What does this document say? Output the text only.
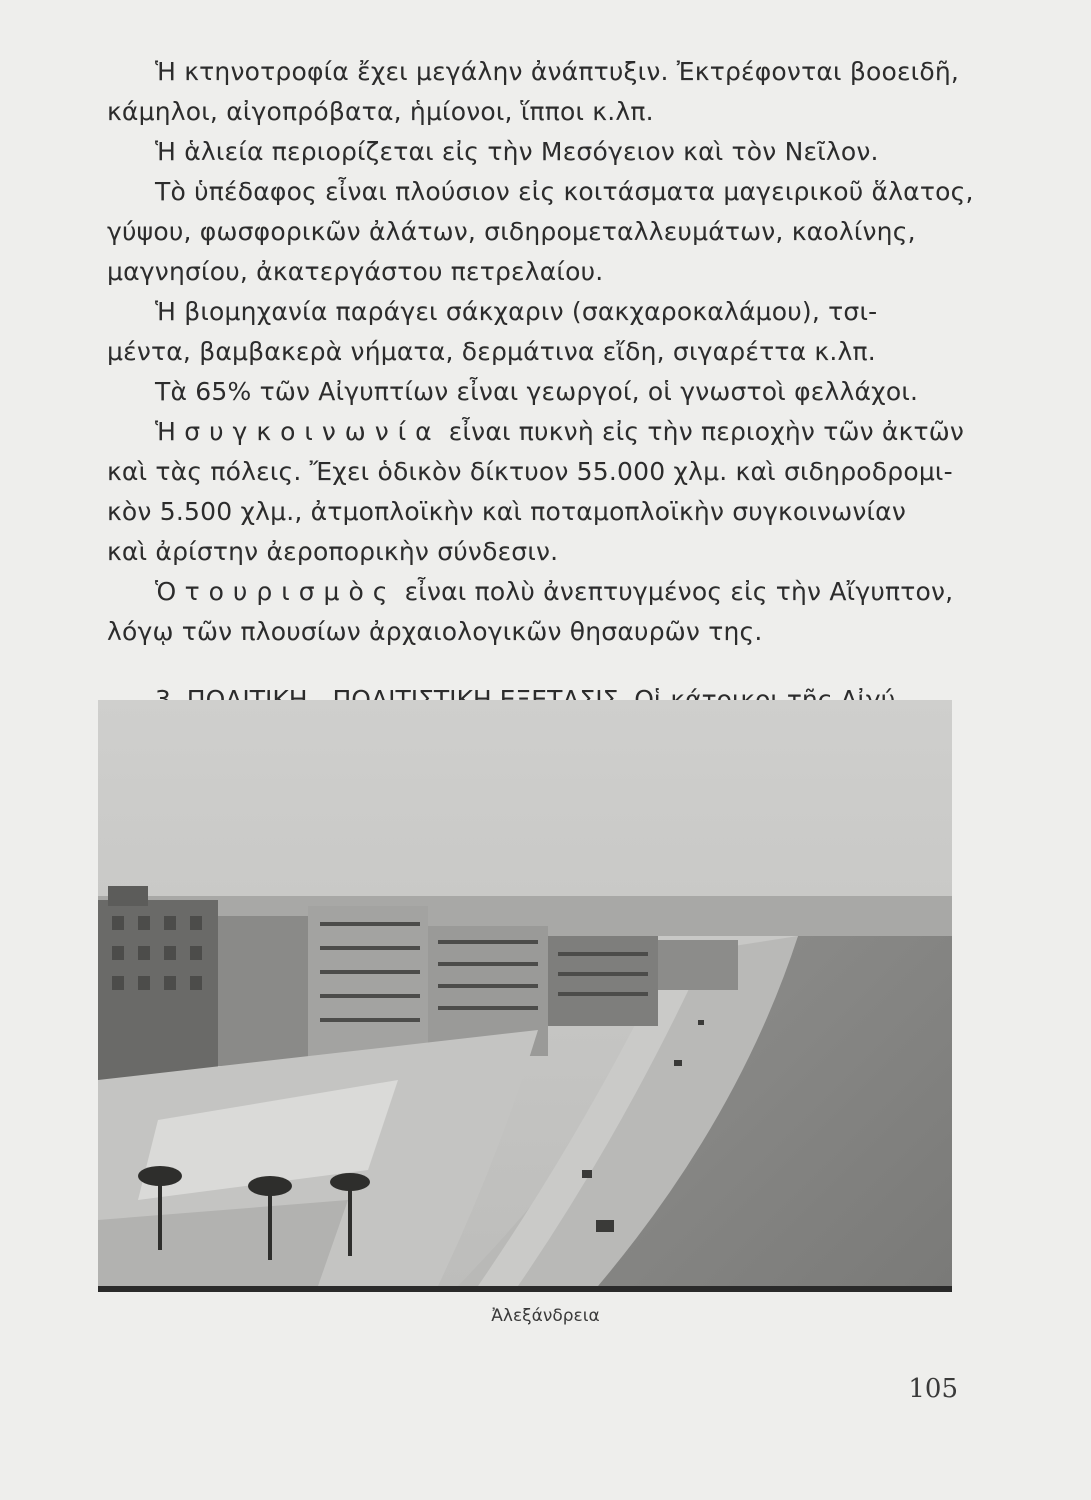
Ἡ κτηνοτροφία ἔχει μεγάλην ἀνάπτυξιν. Ἐκτρέφονται βοοειδῆ,
κάμηλοι, αἰγοπρόβατα, ἡμίονοι, ἵπποι κ.λπ.
Ἡ ἁλιεία περιορίζεται εἰς τὴν Μεσόγειον καὶ τὸν Νεῖλον.
Τὸ ὑπέδαφος εἶναι πλούσιον εἰς κοιτάσματα μαγειρικοῦ ἅλατος,
γύψου, φωσφορικῶν ἀλάτων, σιδηρομεταλλευμάτων, καολίνης,
μαγνησίου, ἀκατεργάστου πετρελαίου.
Ἡ βιομηχανία παράγει σάκχαριν (σακχαροκαλάμου), τσι-
μέντα, βαμβακερὰ νήματα, δερμάτινα εἴδη, σιγαρέττα κ.λπ.
Τὰ 65% τῶν Αἰγυπτίων εἶναι γεωργοί, οἱ γνωστοὶ φελλάχοι.
Ἡ συγκοινωνία εἶναι πυκνὴ εἰς τὴν περιοχὴν τῶν ἀκτῶν
καὶ τὰς πόλεις. Ἔχει ὁδικὸν δίκτυον 55.000 χλμ. καὶ σιδηροδρομι-
κὸν 5.500 χλμ., ἀτμοπλοϊκὴν καὶ ποταμοπλοϊκὴν συγκοινωνίαν
καὶ ἀρίστην ἀεροπορικὴν σύνδεσιν.
Ὁ τουρισμὸς εἶναι πολὺ ἀνεπτυγμένος εἰς τὴν Αἴγυπτον,
λόγῳ τῶν πλουσίων ἀρχαιολογικῶν θησαυρῶν της.
Ἀλεξάνδρεια
105
